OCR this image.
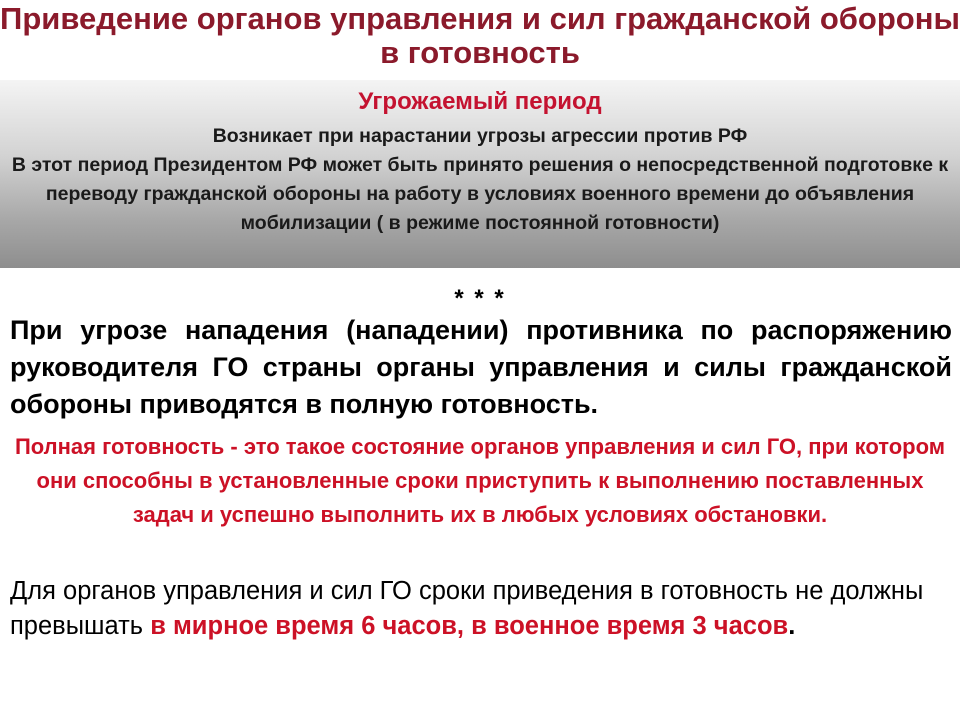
Приведение органов управления и сил гражданской обороны в готовность
Угрожаемый период
Возникает при нарастании угрозы агрессии против РФ
В этот период Президентом РФ может быть принято решения о непосредственной подготовке к переводу гражданской обороны на работу в условиях военного времени до объявления мобилизации ( в режиме постоянной готовности)
* * *
При угрозе нападения (нападении) противника по распоряжению руководителя ГО страны органы управления и силы гражданской обороны приводятся в полную готовность.
Полная готовность - это такое состояние органов управления и сил ГО, при котором они способны в установленные сроки приступить к выполнению поставленных задач и успешно выполнить их в любых условиях обстановки.
Для органов управления и сил ГО сроки приведения в готовность не должны превышать в мирное время 6 часов, в военное время 3 часов.
